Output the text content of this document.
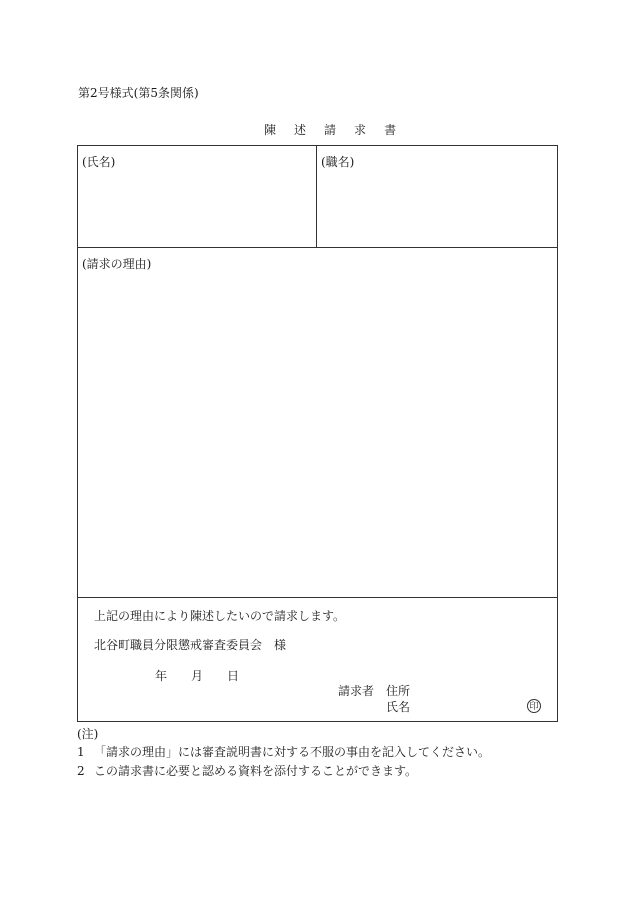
第2号様式(第5条関係)
陳 述 請 求 書
(氏名)	(職名)
(請求の理由)
上記の理由により陳述したいので請求します。
北谷町職員分限懲戒審査委員会　様
年 月 日
請求者 住所
氏名	印
(注)
1 「請求の理由」には審査説明書に対する不服の事由を記入してください。
2 この請求書に必要と認める資料を添付することができます。
